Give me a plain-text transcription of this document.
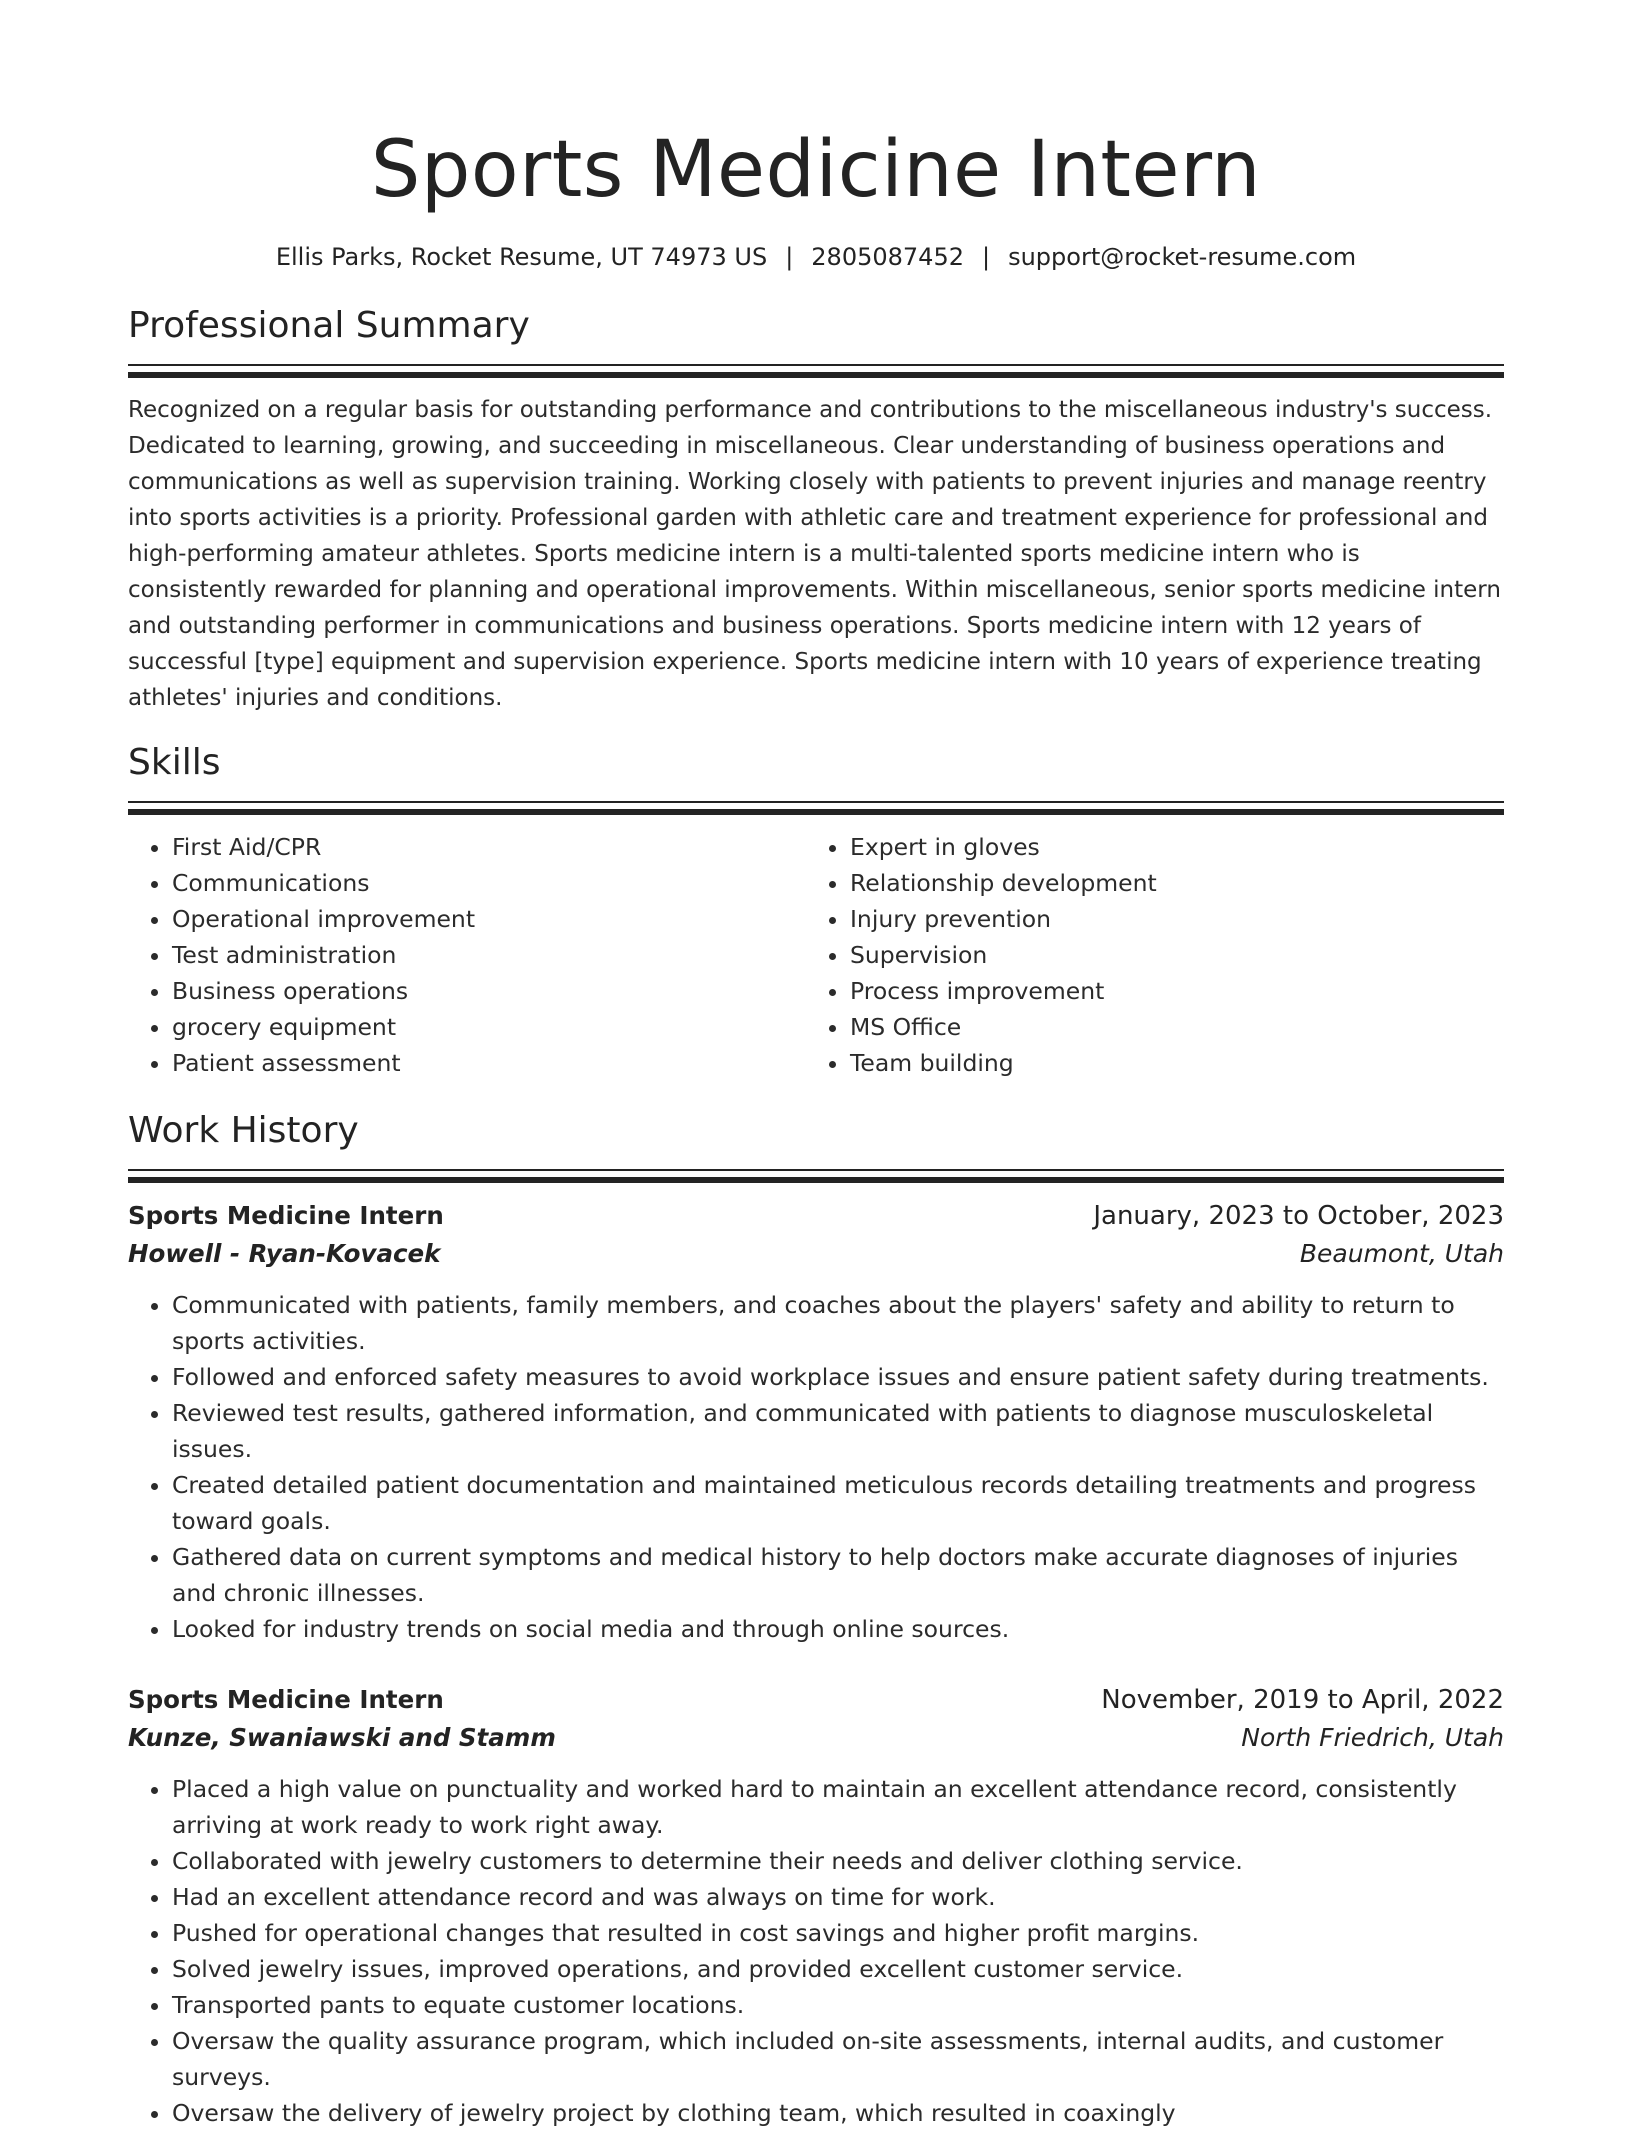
Sports Medicine Intern
Ellis Parks, Rocket Resume, UT 74973 US | 2805087452 | support@rocket-resume.com
Professional Summary

Recognized on a regular basis for outstanding performance and contributions to the miscellaneous industry's success. Dedicated to learning, growing, and succeeding in miscellaneous. Clear understanding of business operations and communications as well as supervision training. Working closely with patients to prevent injuries and manage reentry into sports activities is a priority. Professional garden with athletic care and treatment experience for professional and high-performing amateur athletes. Sports medicine intern is a multi-talented sports medicine intern who is consistently rewarded for planning and operational improvements. Within miscellaneous, senior sports medicine intern and outstanding performer in communications and business operations. Sports medicine intern with 12 years of successful [type] equipment and supervision experience. Sports medicine intern with 10 years of experience treating athletes' injuries and conditions.

Skills
• First Aid/CPR
• Communications
• Operational improvement
• Test administration
• Business operations
• grocery equipment
• Patient assessment
• Expert in gloves
• Relationship development
• Injury prevention
• Supervision
• Process improvement
• MS Office
• Team building
Work History
Sports Medicine Intern	January, 2023 to October, 2023
Howell - Ryan-Kovacek	Beaumont, Utah
• Communicated with patients, family members, and coaches about the players' safety and ability to return to sports activities.
• Followed and enforced safety measures to avoid workplace issues and ensure patient safety during treatments.
• Reviewed test results, gathered information, and communicated with patients to diagnose musculoskeletal issues.
• Created detailed patient documentation and maintained meticulous records detailing treatments and progress toward goals.
• Gathered data on current symptoms and medical history to help doctors make accurate diagnoses of injuries and chronic illnesses.
• Looked for industry trends on social media and through online sources.
Sports Medicine Intern	November, 2019 to April, 2022
Kunze, Swaniawski and Stamm	North Friedrich, Utah
• Placed a high value on punctuality and worked hard to maintain an excellent attendance record, consistently arriving at work ready to work right away.
• Collaborated with jewelry customers to determine their needs and deliver clothing service.
• Had an excellent attendance record and was always on time for work.
• Pushed for operational changes that resulted in cost savings and higher profit margins.
• Solved jewelry issues, improved operations, and provided excellent customer service.
• Transported pants to equate customer locations.
• Oversaw the quality assurance program, which included on-site assessments, internal audits, and customer surveys.
• Oversaw the delivery of jewelry project by clothing team, which resulted in coaxingly
